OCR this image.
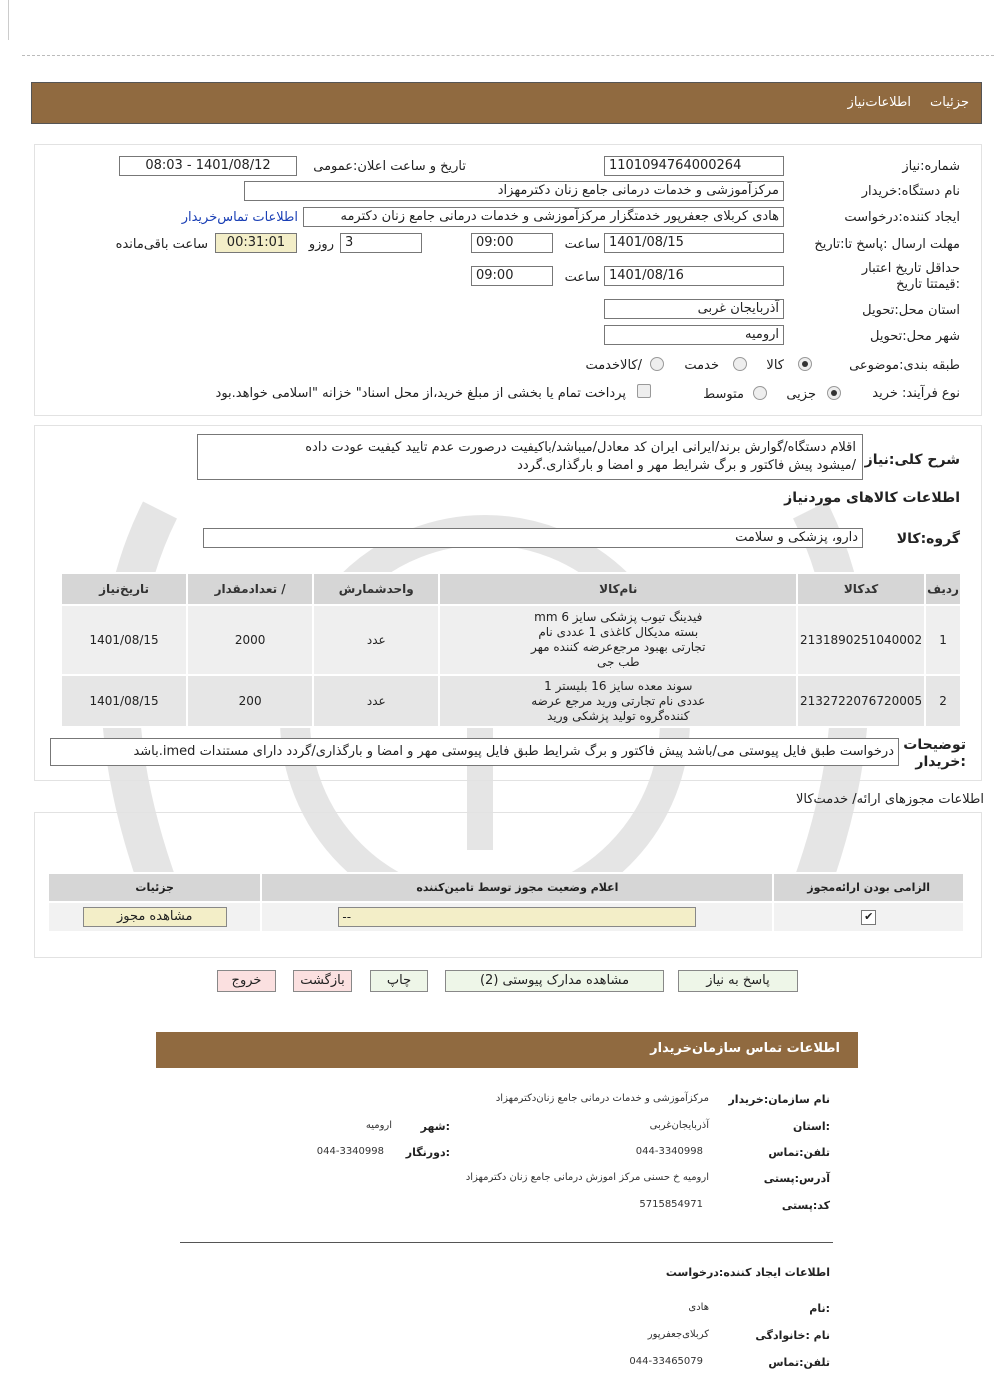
جزئیات
اطلاعات‌نیاز
شماره:نیاز
1101094764000264
تاریخ و ساعت اعلان:عمومی
1401/08/12 - 08:03
نام دستگاه:خریدار
مرکزآموزشی و خدمات درمانی جامع زنان دکترمهزاد
ایجاد کننده:درخواست
هادی کربلای جعفرپور خدمتگزار مرکزآموزشی و خدمات درمانی جامع زنان دکترمه
اطلاعات تماس‌خریدار
مهلت ارسال :پاسخ تا:تاریخ
1401/08/15
ساعت
09:00
3
روزو
00:31:01
ساعت باقی‌مانده
حداقل تاریخ اعتبار :قیمتتا تاریخ
1401/08/16
ساعت
09:00
استان محل:تحویل
آذربایجان غربی
شهر محل:تحویل
ارومیه
طبقه بندی:موضوعی
کالا
خدمت
/کالاخدمت
نوع فرآیند: خرید
جزیی
متوسط
پرداخت تمام یا بخشی از مبلغ خرید،از محل اسناد" خزانه "اسلامی خواهد.بود
شرح کلی:نیاز
اقلام دستگاه/گوارش برند/ایرانی ایران کد معادل/میباشد/باکیفیت درصورت عدم تایید کیفیت عودت داده
/میشود پیش فاکتور و برگ شرایط مهر و امضا و بارگذاری.گردد
اطلاعات کالاهای موردنیاز
گروه:کالا
دارو، پزشکی و سلامت
ردیف	کدکالا	نام‌کالا	واحدشمارش	/ تعدادمقدار	تاریخ‌نیاز
1	2131890251040002	فیدینگ تیوب پزشکی سایز 6 mm
بسته مدیکال کاغذی 1 عددی نام
تجارتی بهبود مرجع‌عرضه کننده مهر
طب جی	عدد	2000	1401/08/15
2	2132722076720005	سوند معده سایز 16 بلیستر 1
عددی نام تجارتی ورید مرجع عرضه
کننده‌گروه تولید پزشکی ورید	عدد	200	1401/08/15
توضیحات :خریدار
درخواست طبق فایل پیوستی می/باشد پیش فاکتور و برگ شرایط طبق فایل پیوستی مهر و امضا و بارگذاری/گردد دارای مستندات imed.باشد
اطلاعات مجوزهای ارائه/ خدمت‌کالا
الزامی بودن ارائه‌مجوز	اعلام وضعیت مجوز توسط تامین‌کننده	جزئیات
✔	--	مشاهده مجوز
پاسخ به نیاز
مشاهده مدارک پیوستی (2)
چاپ
بازگشت
خروج
اطلاعات تماس سازمان‌خریدار
نام سازمان:خریدار
مرکزآموزشی و خدمات درمانی جامع زنان‌دکترمهزاد
:استان
آذربایجان‌غربی
:شهر
ارومیه
تلفن:تماس
044-3340998
:دورنگار
044-3340998
آدرس:پستی
ارومیه خ حسنی مرکز اموزش درمانی جامع زنان دکترمهزاد
کد:پستی
5715854971
اطلاعات ایجاد کننده:درخواست
:نام
هادی
نام :خانوادگی
کربلای‌جعفرپور
تلفن:تماس
044-33465079
